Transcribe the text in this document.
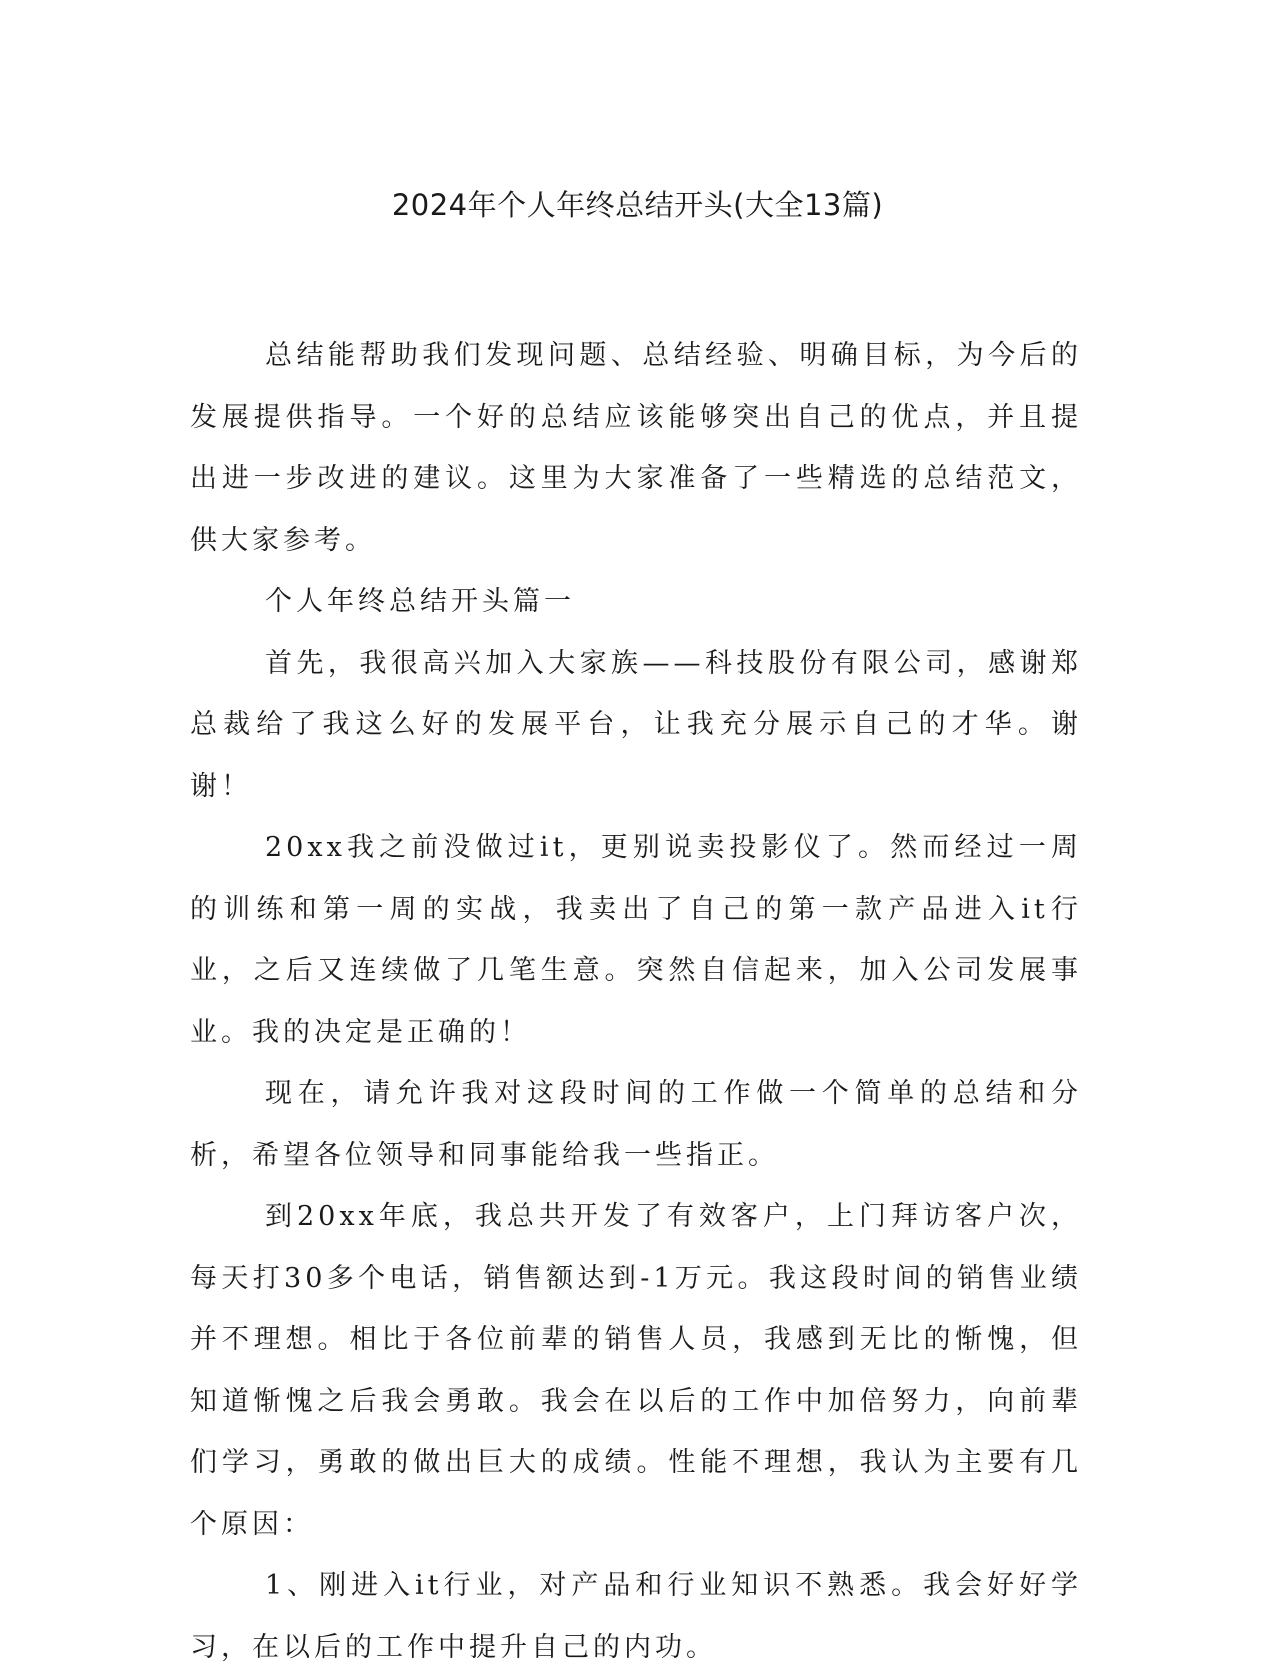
2024年个人年终总结开头(大全13篇)

总结能帮助我们发现问题、总结经验、明确目标，为今后的发展提供指导。一个好的总结应该能够突出自己的优点，并且提出进一步改进的建议。这里为大家准备了一些精选的总结范文，供大家参考。

个人年终总结开头篇一

首先，我很高兴加入大家族——科技股份有限公司，感谢郑总裁给了我这么好的发展平台，让我充分展示自己的才华。谢谢！

20xx我之前没做过it，更别说卖投影仪了。然而经过一周的训练和第一周的实战，我卖出了自己的第一款产品进入it行业，之后又连续做了几笔生意。突然自信起来，加入公司发展事业。我的决定是正确的！

现在，请允许我对这段时间的工作做一个简单的总结和分析，希望各位领导和同事能给我一些指正。

到20xx年底，我总共开发了有效客户，上门拜访客户次，每天打30多个电话，销售额达到-1万元。我这段时间的销售业绩并不理想。相比于各位前辈的销售人员，我感到无比的惭愧，但知道惭愧之后我会勇敢。我会在以后的工作中加倍努力，向前辈们学习，勇敢的做出巨大的成绩。性能不理想，我认为主要有几个原因：

1、刚进入it行业，对产品和行业知识不熟悉。我会好好学习，在以后的工作中提升自己的内功。
